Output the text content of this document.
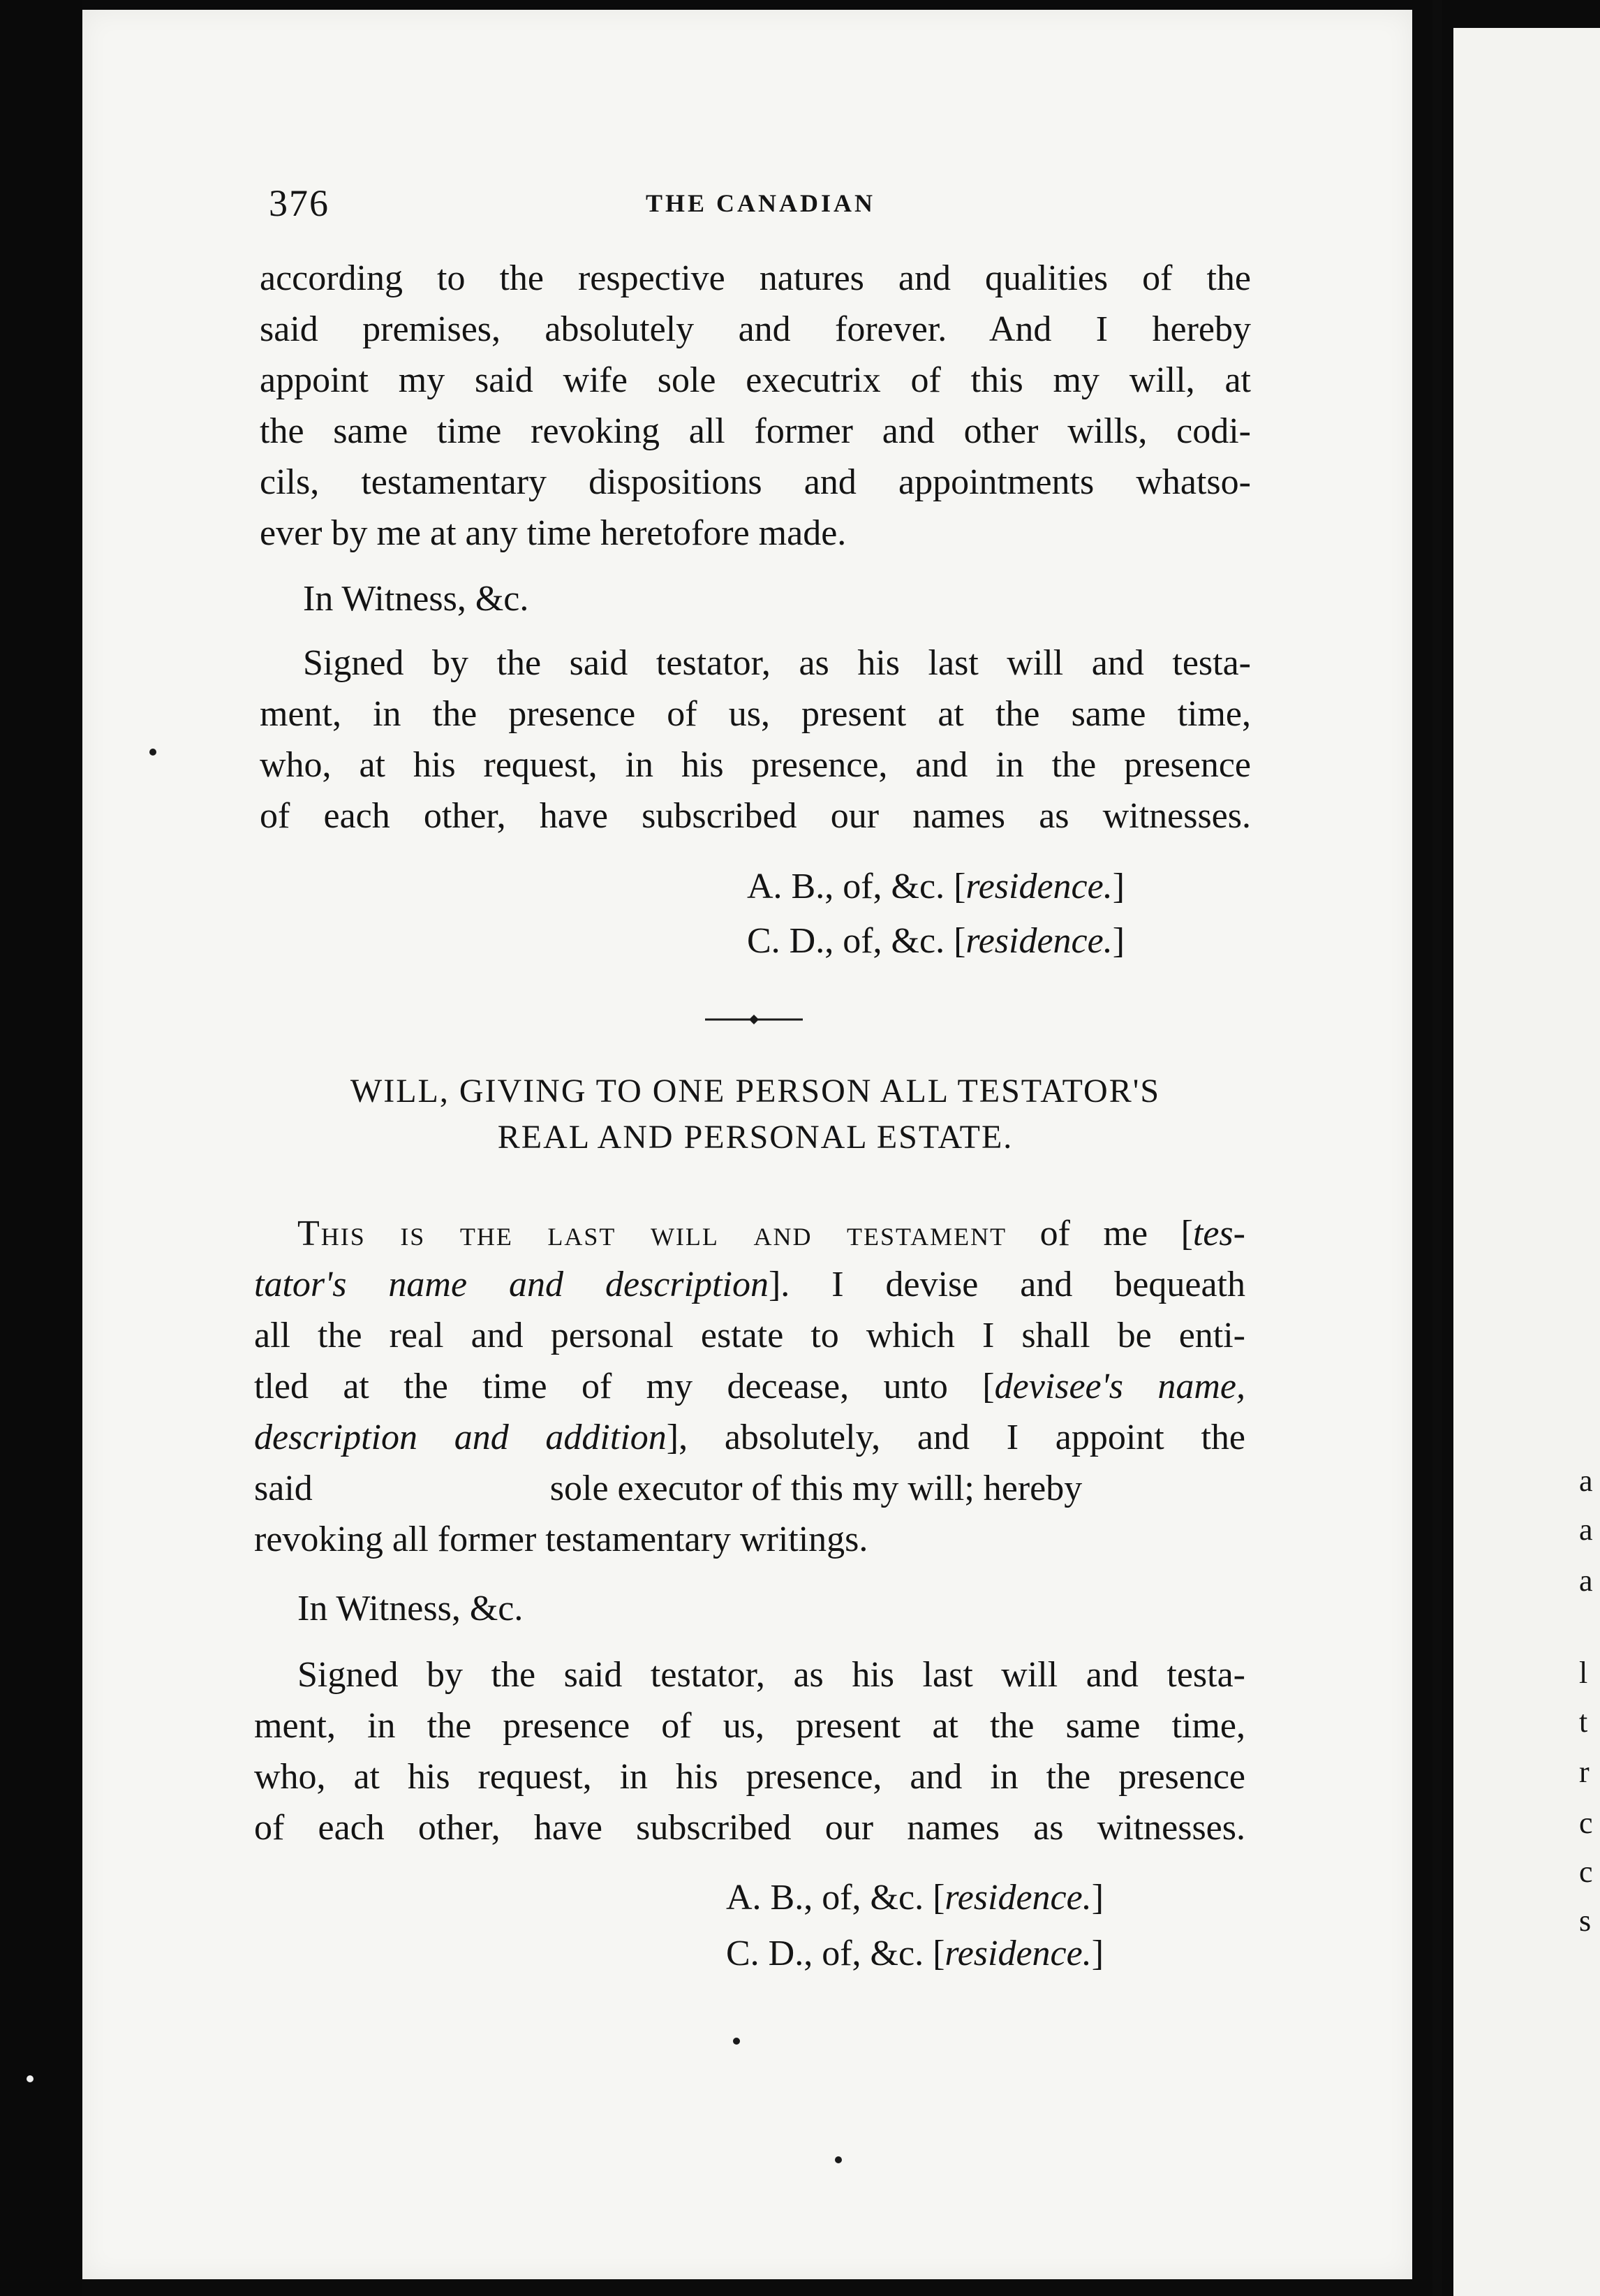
376	THE CANADIAN
according to the respective natures and qualities of the
said premises, absolutely and forever. And I hereby
appoint my said wife sole executrix of this my will, at
the same time revoking all former and other wills, codi-
cils, testamentary dispositions and appointments whatso-
ever by me at any time heretofore made.
In Witness, &c.
Signed by the said testator, as his last will and testa-
ment, in the presence of us, present at the same time,
who, at his request, in his presence, and in the presence
of each other, have subscribed our names as witnesses.
A. B., of, &c. [residence.]
C. D., of, &c. [residence.]
WILL, GIVING TO ONE PERSON ALL TESTATOR'S
REAL AND PERSONAL ESTATE.
This is the last will and testament of me [tes-
tator's name and description]. I devise and bequeath
all the real and personal estate to which I shall be enti-
tled at the time of my decease, unto [devisee's name,
description and addition], absolutely, and I appoint the
said	sole executor of this my will; hereby
revoking all former testamentary writings.
In Witness, &c.
Signed by the said testator, as his last will and testa-
ment, in the presence of us, present at the same time,
who, at his request, in his presence, and in the presence
of each other, have subscribed our names as witnesses.
A. B., of, &c. [residence.]
C. D., of, &c. [residence.]
a
a
a
l
t
r
c
c
s
